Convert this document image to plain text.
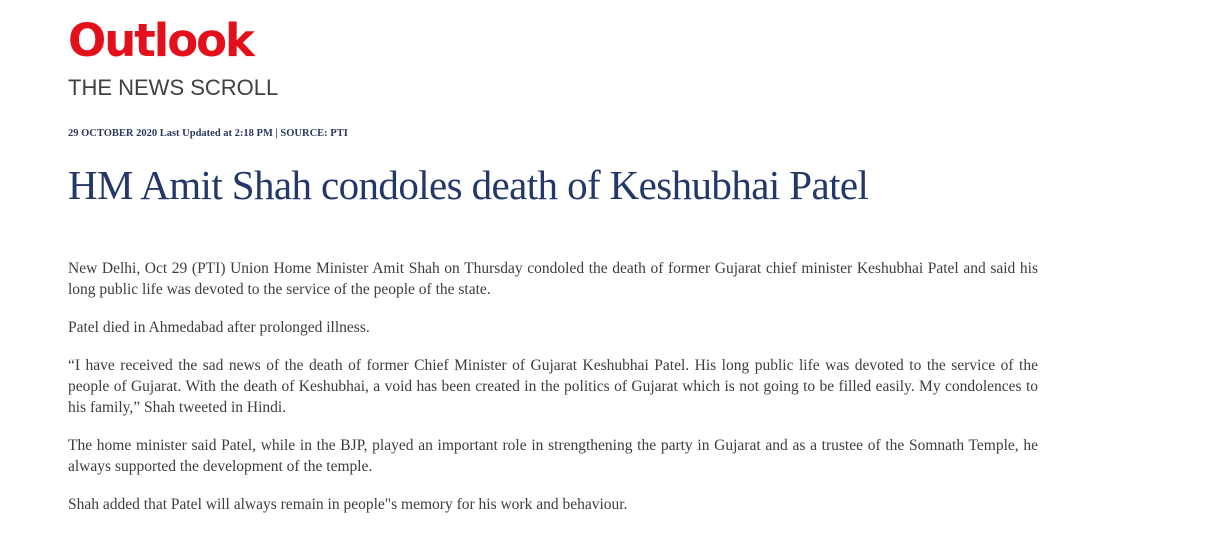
Outlook
THE NEWS SCROLL
29 OCTOBER 2020 Last Updated at 2:18 PM | SOURCE: PTI
HM Amit Shah condoles death of Keshubhai Patel

New Delhi, Oct 29 (PTI) Union Home Minister Amit Shah on Thursday condoled the death of former Gujarat chief minister Keshubhai Patel and said his long public life was devoted to the service of the people of the state.

Patel died in Ahmedabad after prolonged illness.

“I have received the sad news of the death of former Chief Minister of Gujarat Keshubhai Patel. His long public life was devoted to the service of the people of Gujarat. With the death of Keshubhai, a void has been created in the politics of Gujarat which is not going to be filled easily. My condolences to his family,” Shah tweeted in Hindi.

The home minister said Patel, while in the BJP, played an important role in strengthening the party in Gujarat and as a trustee of the Somnath Temple, he always supported the development of the temple.

Shah added that Patel will always remain in people"s memory for his work and behaviour.
